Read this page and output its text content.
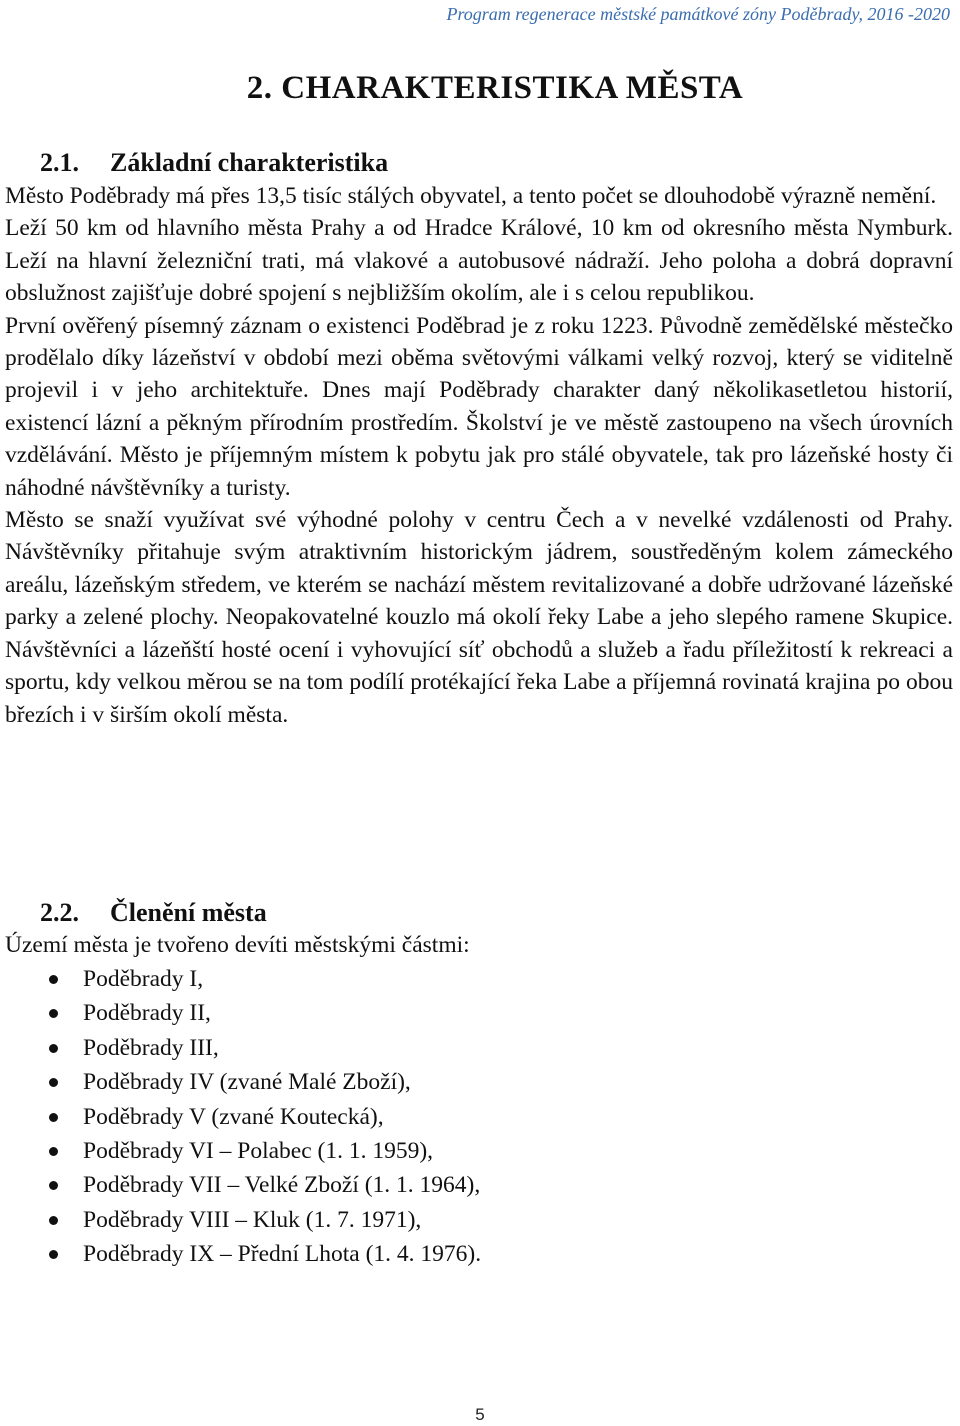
Program regenerace městské památkové zóny Poděbrady, 2016 -2020
2. CHARAKTERISTIKA MĚSTA
2.1. Základní charakteristika

Město Poděbrady má přes 13,5 tisíc stálých obyvatel, a tento počet se dlouhodobě výrazně nemění.

Leží 50 km od hlavního města Prahy a od Hradce Králové, 10 km od okresního města Nymburk. Leží na hlavní železniční trati, má vlakové a autobusové nádraží. Jeho poloha a dobrá dopravní obslužnost zajišťuje dobré spojení s nejbližším okolím, ale i s celou republikou.

První ověřený písemný záznam o existenci Poděbrad je z roku 1223. Původně zemědělské městečko prodělalo díky lázeňství v období mezi oběma světovými válkami velký rozvoj, který se viditelně projevil i v jeho architektuře. Dnes mají Poděbrady charakter daný několikasetletou historií, existencí lázní a pěkným přírodním prostředím. Školství je ve městě zastoupeno na všech úrovních vzdělávání. Město je příjemným místem k pobytu jak pro stálé obyvatele, tak pro lázeňské hosty či náhodné návštěvníky a turisty.

Město se snaží využívat své výhodné polohy v centru Čech a v nevelké vzdálenosti od Prahy. Návštěvníky přitahuje svým atraktivním historickým jádrem, soustředěným kolem zámeckého areálu, lázeňským středem, ve kterém se nachází městem revitalizované a dobře udržované lázeňské parky a zelené plochy. Neopakovatelné kouzlo má okolí řeky Labe a jeho slepého ramene Skupice. Návštěvníci a lázeňští hosté ocení i vyhovující síť obchodů a služeb a řadu příležitostí k rekreaci a sportu, kdy velkou měrou se na tom podílí protékající řeka Labe a příjemná rovinatá krajina po obou březích i v širším okolí města.

2.2. Členění města
Území města je tvořeno devíti městskými částmi:
Poděbrady I,
Poděbrady II,
Poděbrady III,
Poděbrady IV (zvané Malé Zboží),
Poděbrady V (zvané Koutecká),
Poděbrady VI – Polabec (1. 1. 1959),
Poděbrady VII – Velké Zboží (1. 1. 1964),
Poděbrady VIII – Kluk (1. 7. 1971),
Poděbrady IX – Přední Lhota (1. 4. 1976).
5
